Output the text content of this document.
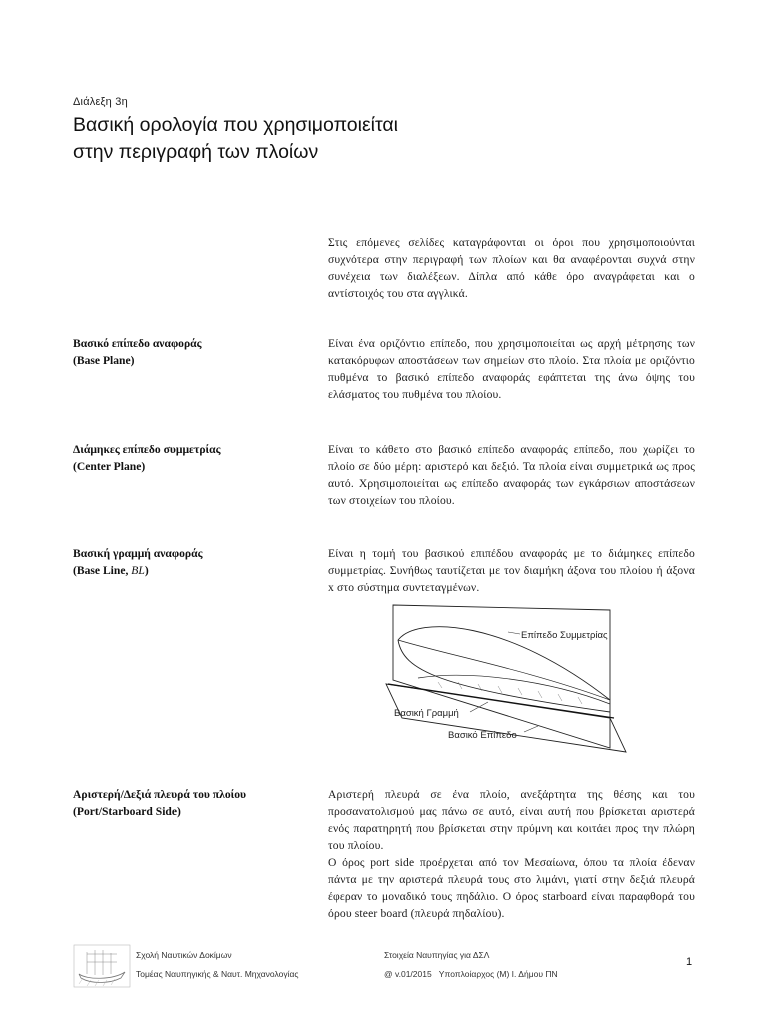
Διάλεξη 3η
Βασική ορολογία που χρησιμοποιείται
στην περιγραφή των πλοίων

Στις επόμενες σελίδες καταγράφονται οι όροι που χρησιμοποιούνται συχνότερα στην περιγραφή των πλοίων και θα αναφέρονται συχνά στην συνέχεια των διαλέξεων. Δίπλα από κάθε όρο αναγράφεται και ο αντίστοιχός του στα αγγλικά.

Βασικό επίπεδο αναφοράς
(Base Plane)

Είναι ένα οριζόντιο επίπεδο, που χρησιμοποιείται ως αρχή μέτρησης των κατακόρυφων αποστάσεων των σημείων στο πλοίο. Στα πλοία με οριζόντιο πυθμένα το βασικό επίπεδο αναφοράς εφάπτεται της άνω όψης του ελάσματος του πυθμένα του πλοίου.

Διάμηκες επίπεδο συμμετρίας
(Center Plane)

Είναι το κάθετο στο βασικό επίπεδο αναφοράς επίπεδο, που χωρίζει το πλοίο σε δύο μέρη: αριστερό και δεξιό. Τα πλοία είναι συμμετρικά ως προς αυτό. Χρησιμοποιείται ως επίπεδο αναφοράς των εγκάρσιων αποστάσεων των στοιχείων του πλοίου.

Βασική γραμμή αναφοράς
(Base Line, BL)

Είναι η τομή του βασικού επιπέδου αναφοράς με το διάμηκες επίπεδο συμμετρίας. Συνήθως ταυτίζεται με τον διαμήκη άξονα του πλοίου ή άξονα x στο σύστημα συντεταγμένων.

Επίπεδο Συμμετρίας
Βασική Γραμμή
Βασικό Επίπεδο
Αριστερή/Δεξιά πλευρά του πλοίου
(Port/Starboard Side)

Αριστερή πλευρά σε ένα πλοίο, ανεξάρτητα της θέσης και του προσανατολισμού μας πάνω σε αυτό, είναι αυτή που βρίσκεται αριστερά ενός παρατηρητή που βρίσκεται στην πρύμνη και κοιτάει προς την πλώρη του πλοίου.

Ο όρος port side προέρχεται από τον Μεσαίωνα, όπου τα πλοία έδεναν πάντα με την αριστερά πλευρά τους στο λιμάνι, γιατί στην δεξιά πλευρά έφεραν το μοναδικό τους πηδάλιο. Ο όρος starboard είναι παραφθορά του όρου steer board (πλευρά πηδαλίου).

Σχολή Ναυτικών Δοκίμων
Τομέας Ναυπηγικής & Ναυτ. Μηχανολογίας
Στοιχεία Ναυπηγίας για ΔΣΛ
@ v.01/2015   Υποπλοίαρχος (Μ) Ι. Δήμου ΠΝ
1
